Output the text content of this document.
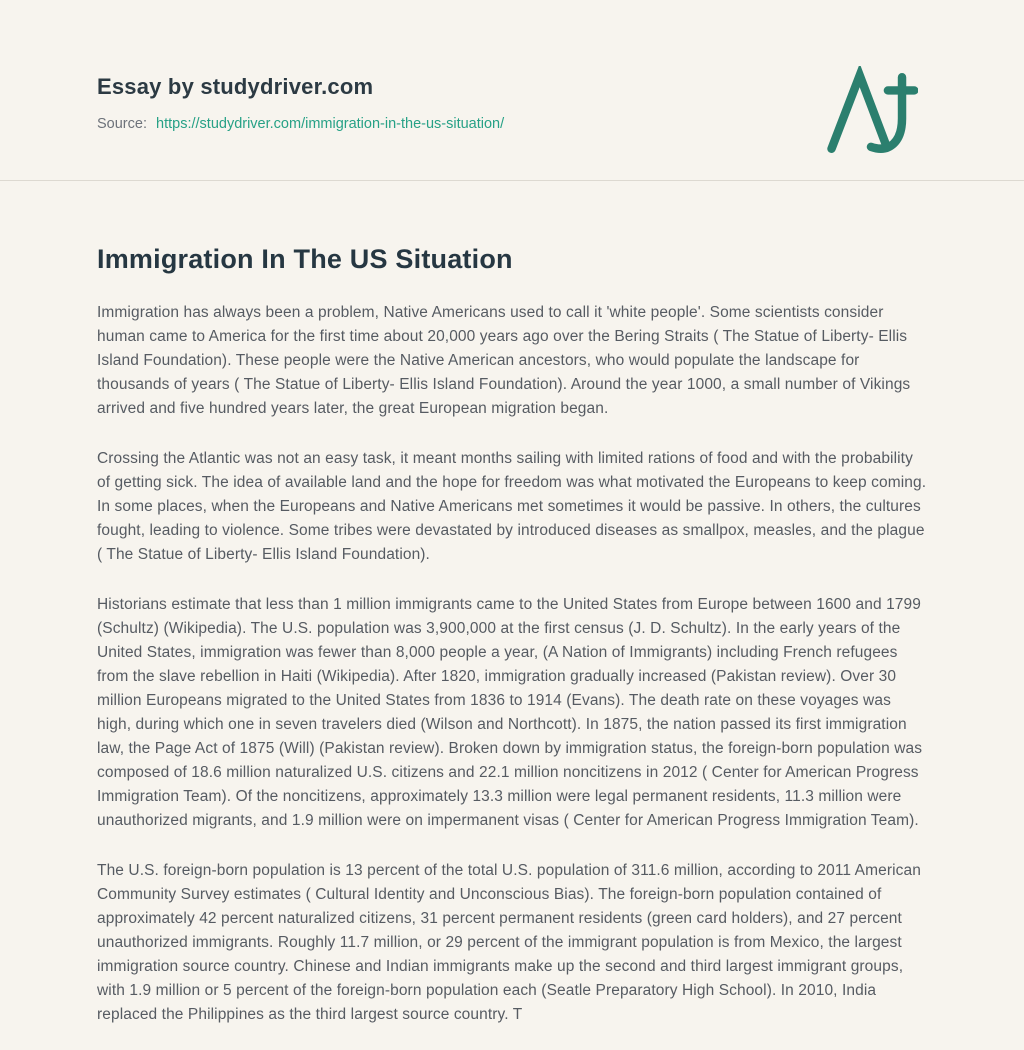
Essay by studydriver.com
Source: https://studydriver.com/immigration-in-the-us-situation/
Immigration In The US Situation

Immigration has always been a problem, Native Americans used to call it 'white people'. Some scientists consider human came to America for the first time about 20,000 years ago over the Bering Straits ( The Statue of Liberty- Ellis Island Foundation). These people were the Native American ancestors, who would populate the landscape for thousands of years ( The Statue of Liberty- Ellis Island Foundation). Around the year 1000, a small number of Vikings arrived and five hundred years later, the great European migration began.

Crossing the Atlantic was not an easy task, it meant months sailing with limited rations of food and with the probability of getting sick. The idea of available land and the hope for freedom was what motivated the Europeans to keep coming. In some places, when the Europeans and Native Americans met sometimes it would be passive. In others, the cultures fought, leading to violence. Some tribes were devastated by introduced diseases as smallpox, measles, and the plague ( The Statue of Liberty- Ellis Island Foundation).

Historians estimate that less than 1 million immigrants came to the United States from Europe between 1600 and 1799 (Schultz) (Wikipedia). The U.S. population was 3,900,000 at the first census (J. D. Schultz). In the early years of the United States, immigration was fewer than 8,000 people a year, (A Nation of Immigrants) including French refugees from the slave rebellion in Haiti (Wikipedia). After 1820, immigration gradually increased (Pakistan review). Over 30 million Europeans migrated to the United States from 1836 to 1914 (Evans). The death rate on these voyages was high, during which one in seven travelers died (Wilson and Northcott). In 1875, the nation passed its first immigration law, the Page Act of 1875 (Will) (Pakistan review). Broken down by immigration status, the foreign-born population was composed of 18.6 million naturalized U.S. citizens and 22.1 million noncitizens in 2012 ( Center for American Progress Immigration Team). Of the noncitizens, approximately 13.3 million were legal permanent residents, 11.3 million were unauthorized migrants, and 1.9 million were on impermanent visas ( Center for American Progress Immigration Team).

The U.S. foreign-born population is 13 percent of the total U.S. population of 311.6 million, according to 2011 American Community Survey estimates ( Cultural Identity and Unconscious Bias). The foreign-born population contained of approximately 42 percent naturalized citizens, 31 percent permanent residents (green card holders), and 27 percent unauthorized immigrants. Roughly 11.7 million, or 29 percent of the immigrant population is from Mexico, the largest immigration source country. Chinese and Indian immigrants make up the second and third largest immigrant groups, with 1.9 million or 5 percent of the foreign-born population each (Seatle Preparatory High School). In 2010, India replaced the Philippines as the third largest source country. T
